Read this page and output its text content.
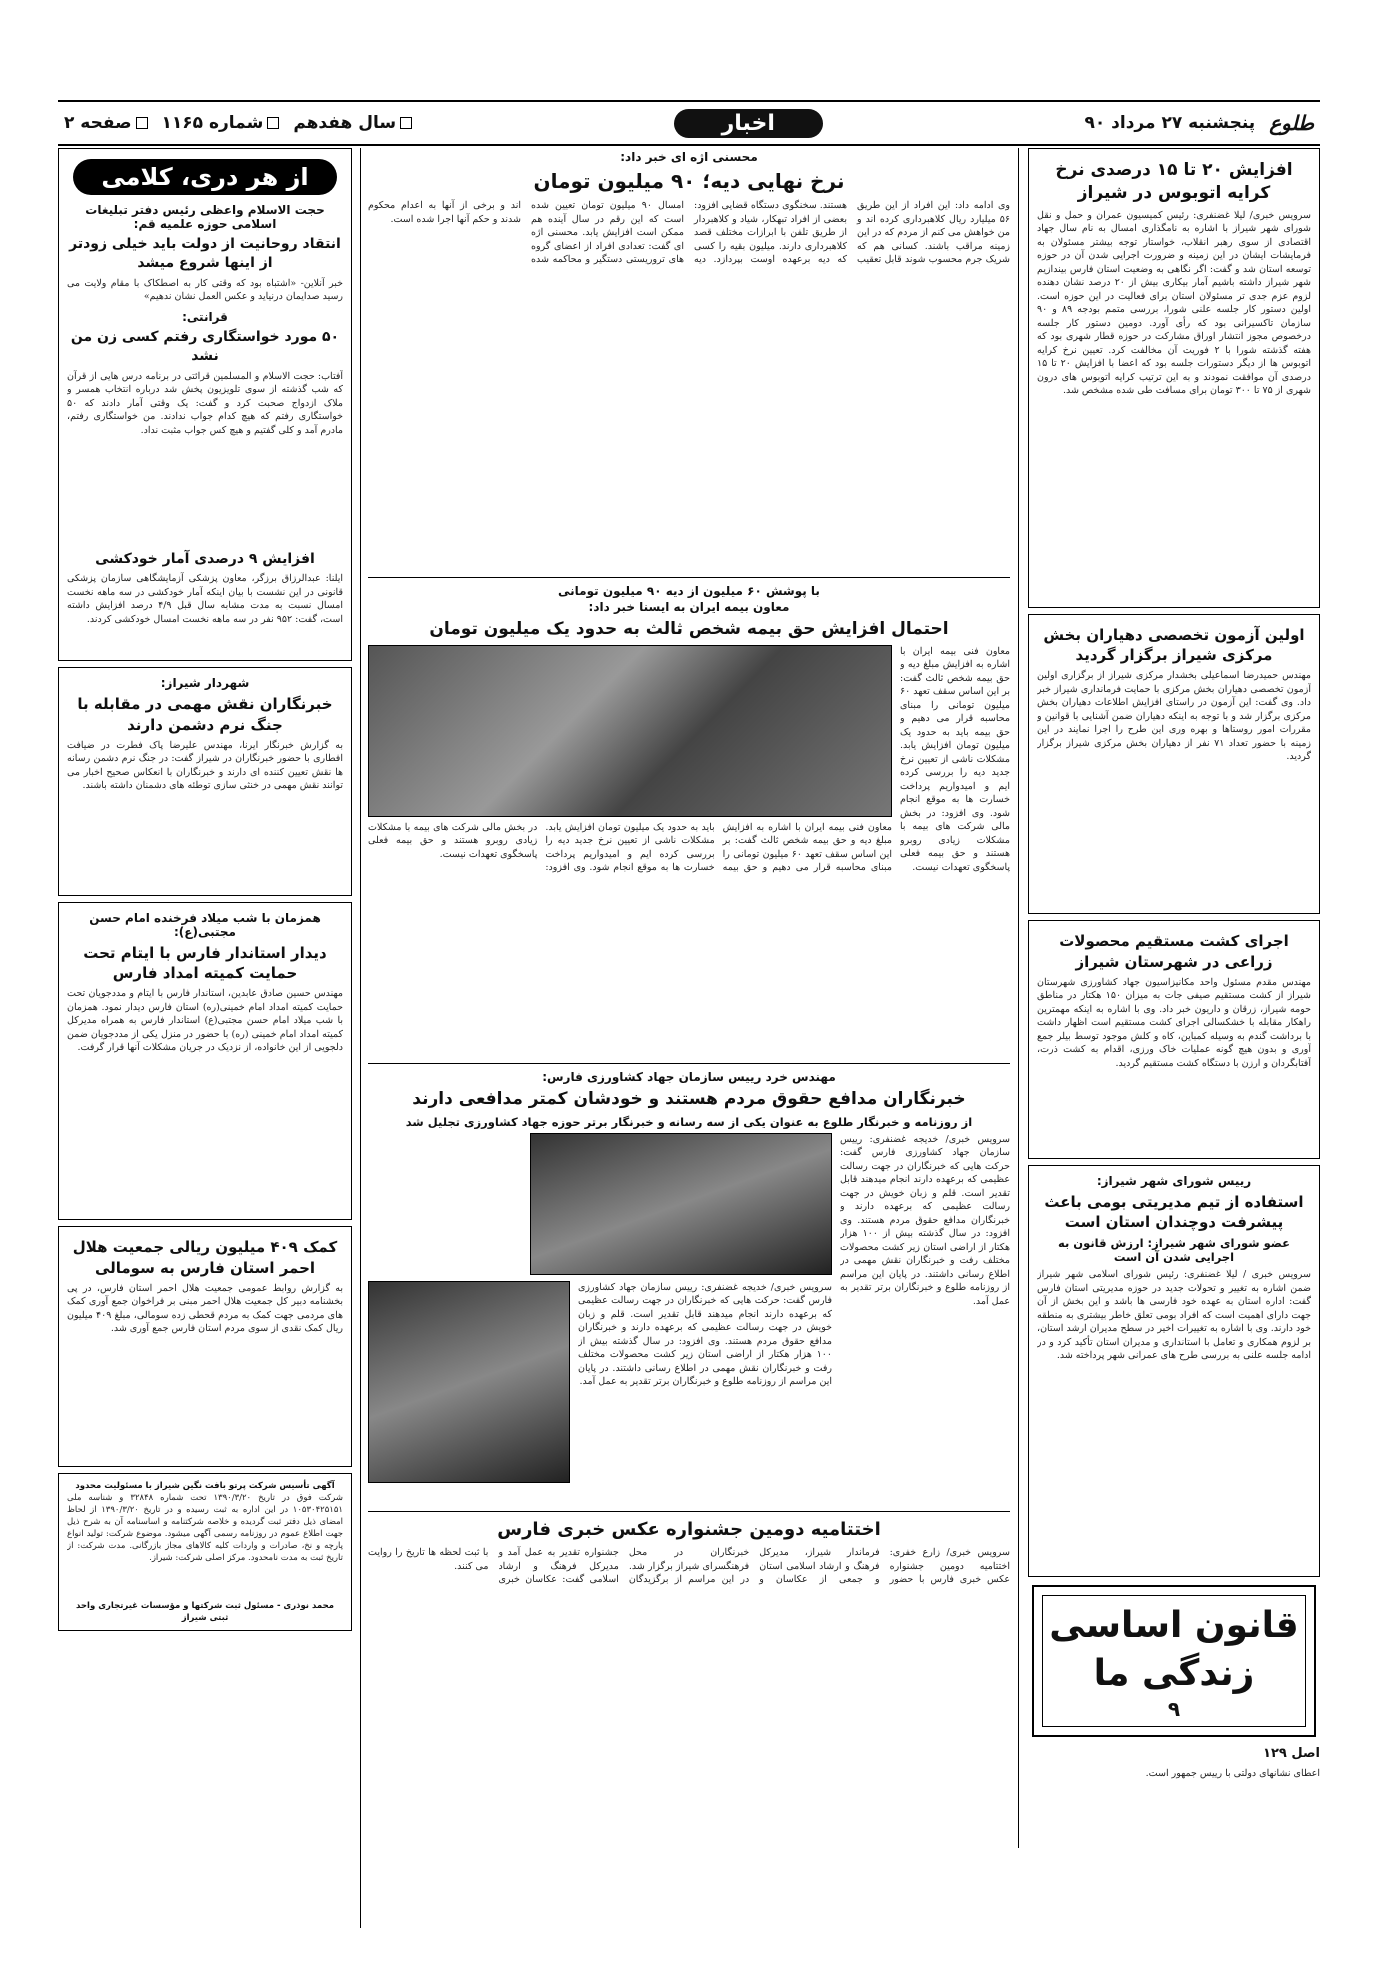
طلوع
پنجشنبه ۲۷ مرداد ۹۰
اخبار
سال هفدهم
شماره ۱۱۶۵
صفحه ۲
افزایش ۲۰ تا ۱۵ درصدی نرخ کرایه اتوبوس در شیراز
سرویس خبری/ لیلا غضنفری: رئیس کمیسیون عمران و حمل و نقل شورای شهر شیراز با اشاره به نامگذاری امسال به نام سال جهاد اقتصادی از سوی رهبر انقلاب، خواستار توجه بیشتر مسئولان به فرمایشات ایشان در این زمینه و ضرورت اجرایی شدن آن در حوزه توسعه استان شد و گفت: اگر نگاهی به وضعیت استان فارس بیندازیم شهر شیراز داشته باشیم آمار بیکاری بیش از ۲۰ درصد نشان دهنده لزوم عزم جدی تر مسئولان استان برای فعالیت در این حوزه است. اولین دستور کار جلسه علنی شورا، بررسی متمم بودجه ۸۹ و ۹۰ سازمان تاکسیرانی بود که رأی آورد. دومین دستور کار جلسه درخصوص مجوز انتشار اوراق مشارکت در حوزه قطار شهری بود که هفته گذشته شورا با ۲ فوریت آن مخالفت کرد. تعیین نرخ کرایه اتوبوس ها از دیگر دستورات جلسه بود که اعضا با افزایش ۲۰ تا ۱۵ درصدی آن موافقت نمودند و به این ترتیب کرایه اتوبوس های درون شهری از ۷۵ تا ۳۰۰ تومان برای مسافت طی شده مشخص شد.
اولین آزمون تخصصی دهیاران بخش مرکزی شیراز برگزار گردید
مهندس حمیدرضا اسماعیلی بخشدار مرکزی شیراز از برگزاری اولین آزمون تخصصی دهیاران بخش مرکزی با حمایت فرمانداری شیراز خبر داد. وی گفت: این آزمون در راستای افزایش اطلاعات دهیاران بخش مرکزی برگزار شد و با توجه به اینکه دهیاران ضمن آشنایی با قوانین و مقررات امور روستاها و بهره وری این طرح را اجرا نمایند در این زمینه با حضور تعداد ۷۱ نفر از دهیاران بخش مرکزی شیراز برگزار گردید.
اجرای کشت مستقیم محصولات زراعی در شهرستان شیراز
مهندس مقدم مسئول واحد مکانیزاسیون جهاد کشاورزی شهرستان شیراز از کشت مستقیم صیفی جات به میزان ۱۵۰ هکتار در مناطق حومه شیراز، زرقان و داریون خبر داد. وی با اشاره به اینکه مهمترین راهکار مقابله با خشکسالی اجرای کشت مستقیم است اظهار داشت با برداشت گندم به وسیله کمباین، کاه و کلش موجود توسط بیلر جمع آوری و بدون هیچ گونه عملیات خاک ورزی، اقدام به کشت ذرت، آفتابگردان و ارزن با دستگاه کشت مستقیم گردید.
رییس شورای شهر شیراز:
استفاده از تیم مدیریتی بومی باعث پیشرفت دوچندان استان است
عضو شورای شهر شیراز: ارزش قانون به اجرایی شدن آن است
سرویس خبری / لیلا غضنفری: رئیس شورای اسلامی شهر شیراز ضمن اشاره به تغییر و تحولات جدید در حوزه مدیریتی استان فارس گفت: اداره استان به عهده خود فارسی ها باشد و این بخش از آن جهت دارای اهمیت است که افراد بومی تعلق خاطر بیشتری به منطقه خود دارند. وی با اشاره به تغییرات اخیر در سطح مدیران ارشد استان، بر لزوم همکاری و تعامل با استانداری و مدیران استان تأکید کرد و در ادامه جلسه علنی به بررسی طرح های عمرانی شهر پرداخته شد.
قانون اساسی
زندگی ما
۹
اصل ۱۲۹
اعطای نشانهای دولتی با رییس جمهور است.
محسنی اژه ای خبر داد:
نرخ نهایی دیه؛ ۹۰ میلیون تومان
وی ادامه داد: این افراد از این طریق ۵۶ میلیارد ریال کلاهبرداری کرده اند و من خواهش می کنم از مردم که در این زمینه مراقب باشند. کسانی هم که شریک جرم محسوب شوند قابل تعقیب هستند. سخنگوی دستگاه قضایی افزود: بعضی از افراد تبهکار، شیاد و کلاهبردار از طریق تلفن با ابرازات مختلف قصد کلاهبرداری دارند. میلیون بقیه را کسی که دیه برعهده اوست بپردازد. دیه امسال ۹۰ میلیون تومان تعیین شده است که این رقم در سال آینده هم ممکن است افزایش یابد. محسنی اژه ای گفت: تعدادی افراد از اعضای گروه های تروریستی دستگیر و محاکمه شده اند و برخی از آنها به اعدام محکوم شدند و حکم آنها اجرا شده است.
با پوشش ۶۰ میلیون از دیه ۹۰ میلیون تومانی
معاون بیمه ایران به ایسنا خبر داد:
احتمال افزایش حق بیمه شخص ثالث به حدود یک میلیون تومان
معاون فنی بیمه ایران با اشاره به افزایش مبلغ دیه و حق بیمه شخص ثالث گفت: بر این اساس سقف تعهد ۶۰ میلیون تومانی را مبنای محاسبه قرار می دهیم و حق بیمه باید به حدود یک میلیون تومان افزایش یابد. مشکلات ناشی از تعیین نرخ جدید دیه را بررسی کرده ایم و امیدواریم پرداخت خسارت ها به موقع انجام شود. وی افزود: در بخش مالی شرکت های بیمه با مشکلات زیادی روبرو هستند و حق بیمه فعلی پاسخگوی تعهدات نیست.
معاون فنی بیمه ایران با اشاره به افزایش مبلغ دیه و حق بیمه شخص ثالث گفت: بر این اساس سقف تعهد ۶۰ میلیون تومانی را مبنای محاسبه قرار می دهیم و حق بیمه باید به حدود یک میلیون تومان افزایش یابد. مشکلات ناشی از تعیین نرخ جدید دیه را بررسی کرده ایم و امیدواریم پرداخت خسارت ها به موقع انجام شود. وی افزود: در بخش مالی شرکت های بیمه با مشکلات زیادی روبرو هستند و حق بیمه فعلی پاسخگوی تعهدات نیست.
مهندس خرد رییس سازمان جهاد کشاورزی فارس:
خبرنگاران مدافع حقوق مردم هستند و خودشان کمتر مدافعی دارند
از روزنامه و خبرنگار طلوع به عنوان یکی از سه رسانه و خبرنگار برتر حوزه جهاد کشاورزی تجلیل شد
سرویس خبری/ خدیجه غضنفری: رییس سازمان جهاد کشاورزی فارس گفت: حرکت هایی که خبرنگاران در جهت رسالت عظیمی که برعهده دارند انجام میدهند قابل تقدیر است. قلم و زبان خویش در جهت رسالت عظیمی که برعهده دارند و خبرنگاران مدافع حقوق مردم هستند. وی افزود: در سال گذشته بیش از ۱۰۰ هزار هکتار از اراضی استان زیر کشت محصولات مختلف رفت و خبرنگاران نقش مهمی در اطلاع رسانی داشتند. در پایان این مراسم از روزنامه طلوع و خبرنگاران برتر تقدیر به عمل آمد.
سرویس خبری/ خدیجه غضنفری: رییس سازمان جهاد کشاورزی فارس گفت: حرکت هایی که خبرنگاران در جهت رسالت عظیمی که برعهده دارند انجام میدهند قابل تقدیر است. قلم و زبان خویش در جهت رسالت عظیمی که برعهده دارند و خبرنگاران مدافع حقوق مردم هستند. وی افزود: در سال گذشته بیش از ۱۰۰ هزار هکتار از اراضی استان زیر کشت محصولات مختلف رفت و خبرنگاران نقش مهمی در اطلاع رسانی داشتند. در پایان این مراسم از روزنامه طلوع و خبرنگاران برتر تقدیر به عمل آمد.
اختتامیه دومین جشنواره عکس خبری فارس
سرویس خبری/ زارع خفری: اختتامیه دومین جشنواره عکس خبری فارس با حضور فرماندار شیراز، مدیرکل فرهنگ و ارشاد اسلامی استان و جمعی از عکاسان و خبرنگاران در محل فرهنگسرای شیراز برگزار شد. در این مراسم از برگزیدگان جشنواره تقدیر به عمل آمد و مدیرکل فرهنگ و ارشاد اسلامی گفت: عکاسان خبری با ثبت لحظه ها تاریخ را روایت می کنند.
از هر دری، کلامی
حجت الاسلام واعظی رئیس دفتر تبلیغات اسلامی حوزه علمیه قم:
انتقاد روحانیت از دولت باید خیلی زودتر از اینها شروع میشد
خبر آنلاین- «اشتباه بود که وقتی کار به اصطکاک با مقام ولایت می رسید صدایمان درنیاید و عکس العمل نشان ندهیم»
قرانتی:
۵۰ مورد خواستگاری رفتم کسی زن من نشد
آفتاب: حجت الاسلام و المسلمین قرائتی در برنامه درس هایی از قرآن که شب گذشته از سوی تلویزیون پخش شد درباره انتخاب همسر و ملاک ازدواج صحبت کرد و گفت: یک وقتی آمار دادند که ۵۰ خواستگاری رفتم که هیچ کدام جواب ندادند. من خواستگاری رفتم، مادرم آمد و کلی گفتیم و هیچ کس جواب مثبت نداد.
افزایش ۹ درصدی آمار خودکشی
ایلنا: عبدالرزاق برزگر، معاون پزشکی آزمایشگاهی سازمان پزشکی قانونی در این نشست با بیان اینکه آمار خودکشی در سه ماهه نخست امسال نسبت به مدت مشابه سال قبل ۴/۹ درصد افزایش داشته است، گفت: ۹۵۲ نفر در سه ماهه نخست امسال خودکشی کردند.
شهردار شیراز:
خبرنگاران نقش مهمی در مقابله با جنگ نرم دشمن دارند
به گزارش خبرنگار ایرنا، مهندس علیرضا پاک فطرت در ضیافت افطاری با حضور خبرنگاران در شیراز گفت: در جنگ نرم دشمن رسانه ها نقش تعیین کننده ای دارند و خبرنگاران با انعکاس صحیح اخبار می توانند نقش مهمی در خنثی سازی توطئه های دشمنان داشته باشند.
همزمان با شب میلاد فرخنده امام حسن مجتبی(ع):
دیدار استاندار فارس با ایتام تحت حمایت کمیته امداد فارس
مهندس حسین صادق عابدین، استاندار فارس با ایتام و مددجویان تحت حمایت کمیته امداد امام خمینی(ره) استان فارس دیدار نمود. همزمان با شب میلاد امام حسن مجتبی(ع) استاندار فارس به همراه مدیرکل کمیته امداد امام خمینی (ره) با حضور در منزل یکی از مددجویان ضمن دلجویی از این خانواده، از نزدیک در جریان مشکلات آنها قرار گرفت.
کمک ۴۰۹ میلیون ریالی جمعیت هلال احمر استان فارس به سومالی
به گزارش روابط عمومی جمعیت هلال احمر استان فارس، در پی بخشنامه دبیر کل جمعیت هلال احمر مبنی بر فراخوان جمع آوری کمک های مردمی جهت کمک به مردم قحطی زده سومالی، مبلغ ۴۰۹ میلیون ریال کمک نقدی از سوی مردم استان فارس جمع آوری شد.
آگهی تأسیس شرکت پرتو بافت نگین شیراز با مسئولیت محدود
شرکت فوق در تاریخ ۱۳۹۰/۳/۲۰ تحت شماره ۳۲۸۴۸ و شناسه ملی ۱۰۵۳۰۴۲۵۱۵۱ در این اداره به ثبت رسیده و در تاریخ ۱۳۹۰/۳/۲۰ از لحاظ امضای ذیل دفتر ثبت گردیده و خلاصه شرکتنامه و اساسنامه آن به شرح ذیل جهت اطلاع عموم در روزنامه رسمی آگهی میشود. موضوع شرکت: تولید انواع پارچه و نخ، صادرات و واردات کلیه کالاهای مجاز بازرگانی. مدت شرکت: از تاریخ ثبت به مدت نامحدود. مرکز اصلی شرکت: شیراز.
محمد نوذری - مسئول ثبت شرکتها و مؤسسات غیرتجاری واحد ثبتی شیراز
